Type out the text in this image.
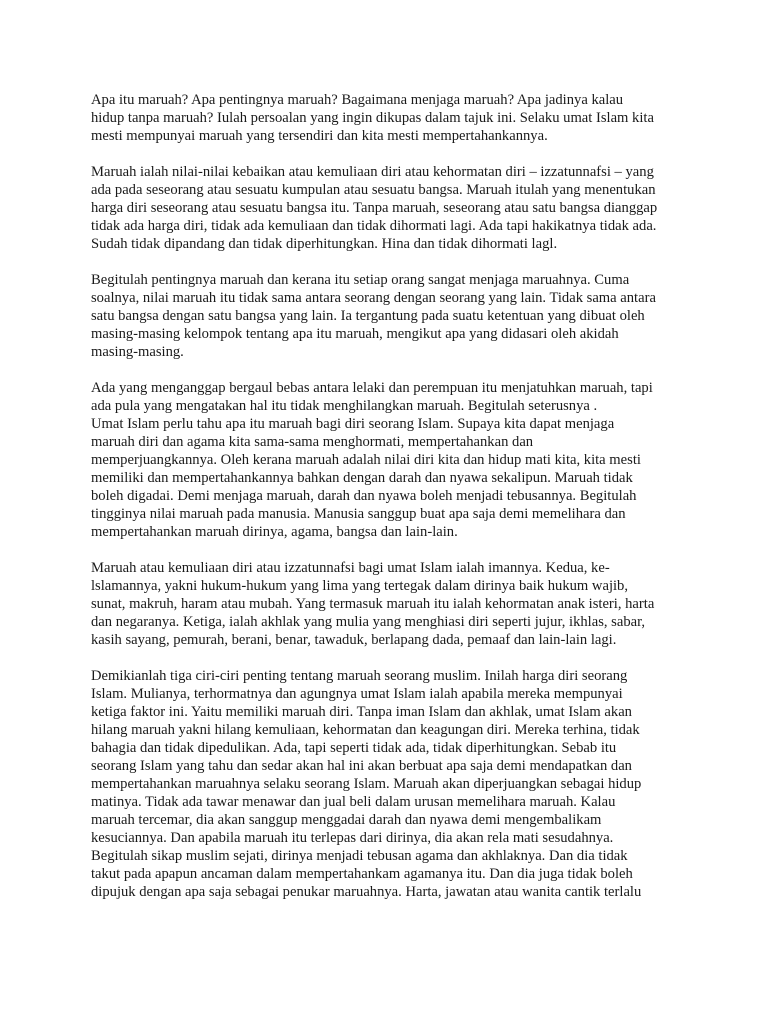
Apa itu maruah? Apa pentingnya maruah? Bagaimana menjaga maruah? Apa jadinya kalau
hidup tanpa maruah? Iulah persoalan yang ingin dikupas dalam tajuk ini. Selaku umat Islam kita
mesti mempunyai maruah yang tersendiri dan kita mesti mempertahankannya.

Maruah ialah nilai-nilai kebaikan atau kemuliaan diri atau kehormatan diri – izzatunnafsi – yang
ada pada seseorang atau sesuatu kumpulan atau sesuatu bangsa. Maruah itulah yang menentukan
harga diri seseorang atau sesuatu bangsa itu. Tanpa maruah, seseorang atau satu bangsa dianggap
tidak ada harga diri, tidak ada kemuliaan dan tidak dihormati lagi. Ada tapi hakikatnya tidak ada.
Sudah tidak dipandang dan tidak diperhitungkan. Hina dan tidak dihormati lagl.

Begitulah pentingnya maruah dan kerana itu setiap orang sangat menjaga maruahnya. Cuma
soalnya, nilai maruah itu tidak sama antara seorang dengan seorang yang lain. Tidak sama antara
satu bangsa dengan satu bangsa yang lain. Ia tergantung pada suatu ketentuan yang dibuat oleh
masing-masing kelompok tentang apa itu maruah, mengikut apa yang didasari oleh akidah
masing-masing.

Ada yang menganggap bergaul bebas antara lelaki dan perempuan itu menjatuhkan maruah, tapi
ada pula yang mengatakan hal itu tidak menghilangkan maruah. Begitulah seterusnya .
Umat Islam perlu tahu apa itu maruah bagi diri seorang Islam. Supaya kita dapat menjaga
maruah diri dan agama kita sama-sama menghormati, mempertahankan dan
memperjuangkannya. Oleh kerana maruah adalah nilai diri kita dan hidup mati kita, kita mesti
memiliki dan mempertahankannya bahkan dengan darah dan nyawa sekalipun. Maruah tidak
boleh digadai. Demi menjaga maruah, darah dan nyawa boleh menjadi tebusannya. Begitulah
tingginya nilai maruah pada manusia. Manusia sanggup buat apa saja demi memelihara dan
mempertahankan maruah dirinya, agama, bangsa dan lain-lain.

Maruah atau kemuliaan diri atau izzatunnafsi bagi umat Islam ialah imannya. Kedua, ke-
lslamannya, yakni hukum-hukum yang lima yang tertegak dalam dirinya baik hukum wajib,
sunat, makruh, haram atau mubah. Yang termasuk maruah itu ialah kehormatan anak isteri, harta
dan negaranya. Ketiga, ialah akhlak yang mulia yang menghiasi diri seperti jujur, ikhlas, sabar,
kasih sayang, pemurah, berani, benar, tawaduk, berlapang dada, pemaaf dan lain-lain lagi.

Demikianlah tiga ciri-ciri penting tentang maruah seorang muslim. Inilah harga diri seorang
Islam. Mulianya, terhormatnya dan agungnya umat Islam ialah apabila mereka mempunyai
ketiga faktor ini. Yaitu memiliki maruah diri. Tanpa iman Islam dan akhlak, umat Islam akan
hilang maruah yakni hilang kemuliaan, kehormatan dan keagungan diri. Mereka terhina, tidak
bahagia dan tidak dipedulikan. Ada, tapi seperti tidak ada, tidak diperhitungkan. Sebab itu
seorang Islam yang tahu dan sedar akan hal ini akan berbuat apa saja demi mendapatkan dan
mempertahankan maruahnya selaku seorang Islam. Maruah akan diperjuangkan sebagai hidup
matinya. Tidak ada tawar menawar dan jual beli dalam urusan memelihara maruah. Kalau
maruah tercemar, dia akan sanggup menggadai darah dan nyawa demi mengembalikam
kesuciannya. Dan apabila maruah itu terlepas dari dirinya, dia akan rela mati sesudahnya.
Begitulah sikap muslim sejati, dirinya menjadi tebusan agama dan akhlaknya. Dan dia tidak
takut pada apapun ancaman dalam mempertahankam agamanya itu. Dan dia juga tidak boleh
dipujuk dengan apa saja sebagai penukar maruahnya. Harta, jawatan atau wanita cantik terlalu
